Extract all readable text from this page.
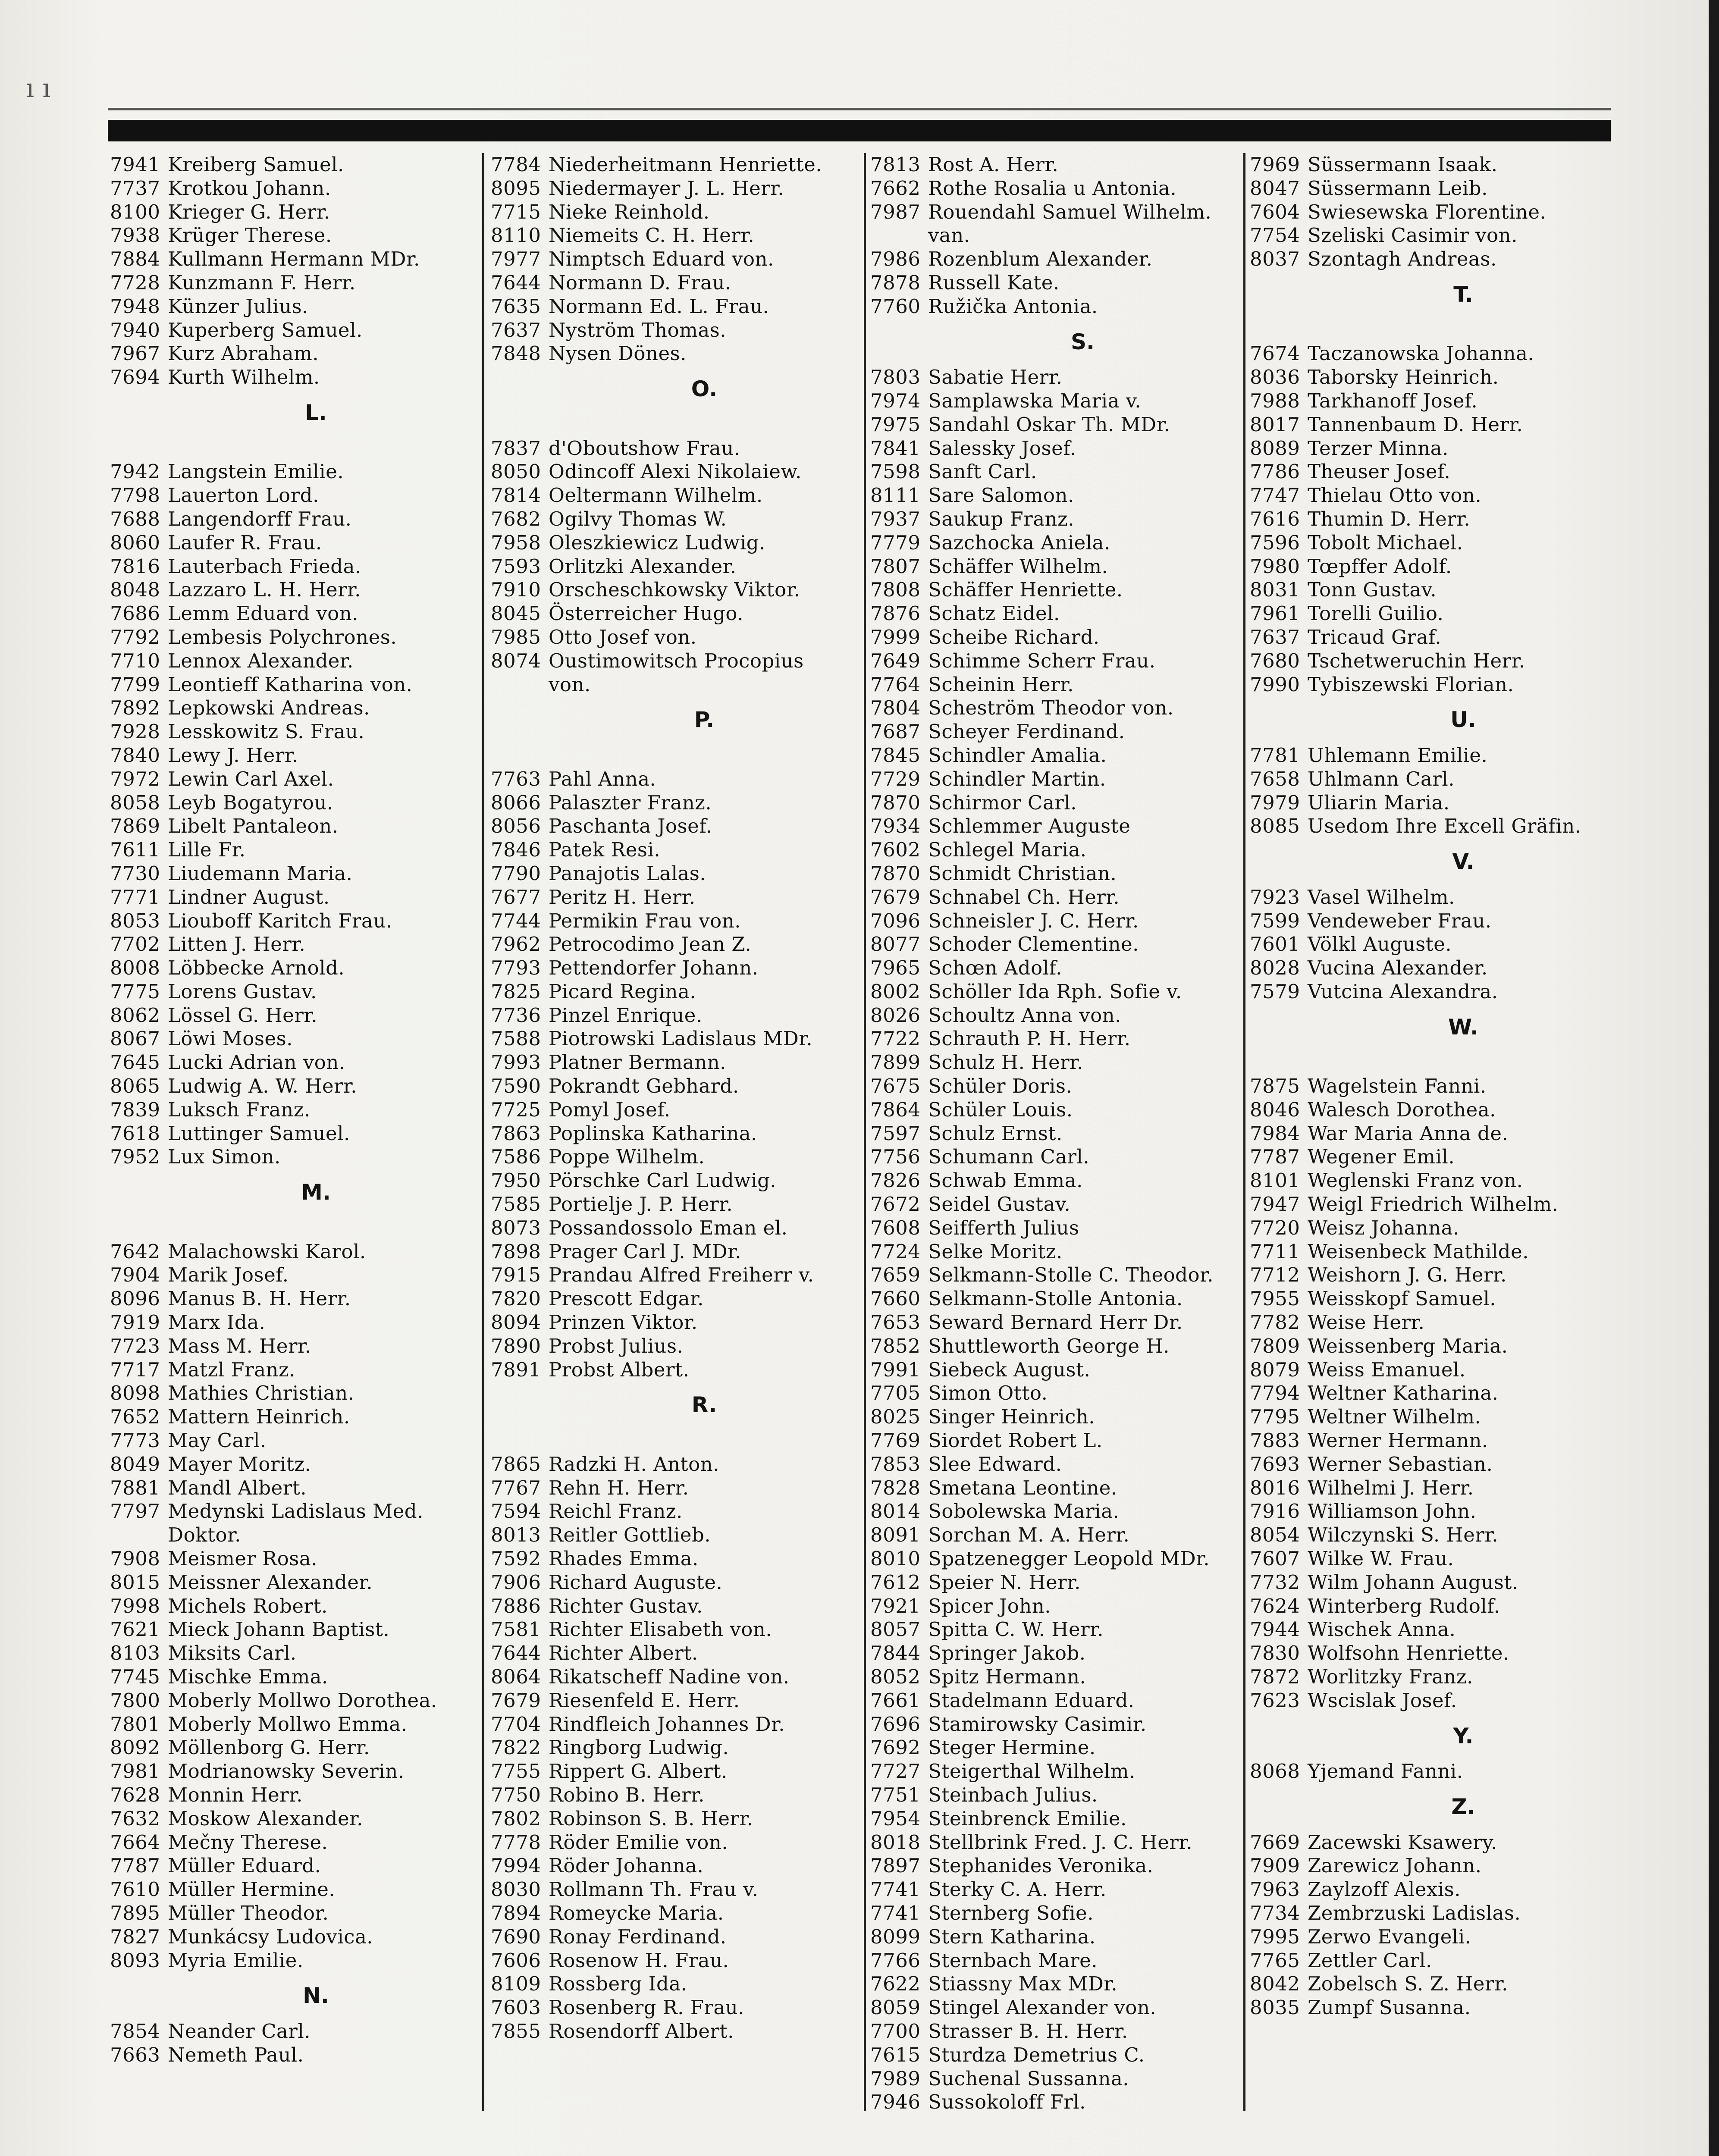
ı ı
7941 Kreiberg Samuel.
7737 Krotkou Johann.
8100 Krieger G. Herr.
7938 Krüger Therese.
7884 Kullmann Hermann MDr.
7728 Kunzmann F. Herr.
7948 Künzer Julius.
7940 Kuperberg Samuel.
7967 Kurz Abraham.
7694 Kurth Wilhelm.
L.
7942 Langstein Emilie.
7798 Lauerton Lord.
7688 Langendorff Frau.
8060 Laufer R. Frau.
7816 Lauterbach Frieda.
8048 Lazzaro L. H. Herr.
7686 Lemm Eduard von.
7792 Lembesis Polychrones.
7710 Lennox Alexander.
7799 Leontieff Katharina von.
7892 Lepkowski Andreas.
7928 Lesskowitz S. Frau.
7840 Lewy J. Herr.
7972 Lewin Carl Axel.
8058 Leyb Bogatyrou.
7869 Libelt Pantaleon.
7611 Lille Fr.
7730 Liudemann Maria.
7771 Lindner August.
8053 Liouboff Karitch Frau.
7702 Litten J. Herr.
8008 Löbbecke Arnold.
7775 Lorens Gustav.
8062 Lössel G. Herr.
8067 Löwi Moses.
7645 Lucki Adrian von.
8065 Ludwig A. W. Herr.
7839 Luksch Franz.
7618 Luttinger Samuel.
7952 Lux Simon.
M.
7642 Malachowski Karol.
7904 Marik Josef.
8096 Manus B. H. Herr.
7919 Marx Ida.
7723 Mass M. Herr.
7717 Matzl Franz.
8098 Mathies Christian.
7652 Mattern Heinrich.
7773 May Carl.
8049 Mayer Moritz.
7881 Mandl Albert.
7797 Medynski Ladislaus Med.
Doktor.
7908 Meismer Rosa.
8015 Meissner Alexander.
7998 Michels Robert.
7621 Mieck Johann Baptist.
8103 Miksits Carl.
7745 Mischke Emma.
7800 Moberly Mollwo Dorothea.
7801 Moberly Mollwo Emma.
8092 Möllenborg G. Herr.
7981 Modrianowsky Severin.
7628 Monnin Herr.
7632 Moskow Alexander.
7664 Mečny Therese.
7787 Müller Eduard.
7610 Müller Hermine.
7895 Müller Theodor.
7827 Munkácsy Ludovica.
8093 Myria Emilie.
N.
7854 Neander Carl.
7663 Nemeth Paul.
7784 Niederheitmann Henriette.
8095 Niedermayer J. L. Herr.
7715 Nieke Reinhold.
8110 Niemeits C. H. Herr.
7977 Nimptsch Eduard von.
7644 Normann D. Frau.
7635 Normann Ed. L. Frau.
7637 Nyström Thomas.
7848 Nysen Dönes.
O.
7837 d'Oboutshow Frau.
8050 Odincoff Alexi Nikolaiew.
7814 Oeltermann Wilhelm.
7682 Ogilvy Thomas W.
7958 Oleszkiewicz Ludwig.
7593 Orlitzki Alexander.
7910 Orscheschkowsky Viktor.
8045 Österreicher Hugo.
7985 Otto Josef von.
8074 Oustimowitsch Procopius
von.
P.
7763 Pahl Anna.
8066 Palaszter Franz.
8056 Paschanta Josef.
7846 Patek Resi.
7790 Panajotis Lalas.
7677 Peritz H. Herr.
7744 Permikin Frau von.
7962 Petrocodimo Jean Z.
7793 Pettendorfer Johann.
7825 Picard Regina.
7736 Pinzel Enrique.
7588 Piotrowski Ladislaus MDr.
7993 Platner Bermann.
7590 Pokrandt Gebhard.
7725 Pomyl Josef.
7863 Poplinska Katharina.
7586 Poppe Wilhelm.
7950 Pörschke Carl Ludwig.
7585 Portielje J. P. Herr.
8073 Possandossolo Eman el.
7898 Prager Carl J. MDr.
7915 Prandau Alfred Freiherr v.
7820 Prescott Edgar.
8094 Prinzen Viktor.
7890 Probst Julius.
7891 Probst Albert.
R.
7865 Radzki H. Anton.
7767 Rehn H. Herr.
7594 Reichl Franz.
8013 Reitler Gottlieb.
7592 Rhades Emma.
7906 Richard Auguste.
7886 Richter Gustav.
7581 Richter Elisabeth von.
7644 Richter Albert.
8064 Rikatscheff Nadine von.
7679 Riesenfeld E. Herr.
7704 Rindfleich Johannes Dr.
7822 Ringborg Ludwig.
7755 Rippert G. Albert.
7750 Robino B. Herr.
7802 Robinson S. B. Herr.
7778 Röder Emilie von.
7994 Röder Johanna.
8030 Rollmann Th. Frau v.
7894 Romeycke Maria.
7690 Ronay Ferdinand.
7606 Rosenow H. Frau.
8109 Rossberg Ida.
7603 Rosenberg R. Frau.
7855 Rosendorff Albert.
7813 Rost A. Herr.
7662 Rothe Rosalia u Antonia.
7987 Rouendahl Samuel Wilhelm.
van.
7986 Rozenblum Alexander.
7878 Russell Kate.
7760 Ružička Antonia.
S.
7803 Sabatie Herr.
7974 Samplawska Maria v.
7975 Sandahl Oskar Th. MDr.
7841 Salessky Josef.
7598 Sanft Carl.
8111 Sare Salomon.
7937 Saukup Franz.
7779 Sazchocka Aniela.
7807 Schäffer Wilhelm.
7808 Schäffer Henriette.
7876 Schatz Eidel.
7999 Scheibe Richard.
7649 Schimme Scherr Frau.
7764 Scheinin Herr.
7804 Scheström Theodor von.
7687 Scheyer Ferdinand.
7845 Schindler Amalia.
7729 Schindler Martin.
7870 Schirmor Carl.
7934 Schlemmer Auguste
7602 Schlegel Maria.
7870 Schmidt Christian.
7679 Schnabel Ch. Herr.
7096 Schneisler J. C. Herr.
8077 Schoder Clementine.
7965 Schœn Adolf.
8002 Schöller Ida Rph. Sofie v.
8026 Schoultz Anna von.
7722 Schrauth P. H. Herr.
7899 Schulz H. Herr.
7675 Schüler Doris.
7864 Schüler Louis.
7597 Schulz Ernst.
7756 Schumann Carl.
7826 Schwab Emma.
7672 Seidel Gustav.
7608 Seifferth Julius
7724 Selke Moritz.
7659 Selkmann-Stolle C. Theodor.
7660 Selkmann-Stolle Antonia.
7653 Seward Bernard Herr Dr.
7852 Shuttleworth George H.
7991 Siebeck August.
7705 Simon Otto.
8025 Singer Heinrich.
7769 Siordet Robert L.
7853 Slee Edward.
7828 Smetana Leontine.
8014 Sobolewska Maria.
8091 Sorchan M. A. Herr.
8010 Spatzenegger Leopold MDr.
7612 Speier N. Herr.
7921 Spicer John.
8057 Spitta C. W. Herr.
7844 Springer Jakob.
8052 Spitz Hermann.
7661 Stadelmann Eduard.
7696 Stamirowsky Casimir.
7692 Steger Hermine.
7727 Steigerthal Wilhelm.
7751 Steinbach Julius.
7954 Steinbrenck Emilie.
8018 Stellbrink Fred. J. C. Herr.
7897 Stephanides Veronika.
7741 Sterky C. A. Herr.
7741 Sternberg Sofie.
8099 Stern Katharina.
7766 Sternbach Mare.
7622 Stiassny Max MDr.
8059 Stingel Alexander von.
7700 Strasser B. H. Herr.
7615 Sturdza Demetrius C.
7989 Suchenal Sussanna.
7946 Sussokoloff Frl.
7969 Süssermann Isaak.
8047 Süssermann Leib.
7604 Swiesewska Florentine.
7754 Szeliski Casimir von.
8037 Szontagh Andreas.
T.
7674 Taczanowska Johanna.
8036 Taborsky Heinrich.
7988 Tarkhanoff Josef.
8017 Tannenbaum D. Herr.
8089 Terzer Minna.
7786 Theuser Josef.
7747 Thielau Otto von.
7616 Thumin D. Herr.
7596 Tobolt Michael.
7980 Tœpffer Adolf.
8031 Tonn Gustav.
7961 Torelli Guilio.
7637 Tricaud Graf.
7680 Tschetweruchin Herr.
7990 Tybiszewski Florian.
U.
7781 Uhlemann Emilie.
7658 Uhlmann Carl.
7979 Uliarin Maria.
8085 Usedom Ihre Excell Gräfin.
V.
7923 Vasel Wilhelm.
7599 Vendeweber Frau.
7601 Völkl Auguste.
8028 Vucina Alexander.
7579 Vutcina Alexandra.
W.
7875 Wagelstein Fanni.
8046 Walesch Dorothea.
7984 War Maria Anna de.
7787 Wegener Emil.
8101 Weglenski Franz von.
7947 Weigl Friedrich Wilhelm.
7720 Weisz Johanna.
7711 Weisenbeck Mathilde.
7712 Weishorn J. G. Herr.
7955 Weisskopf Samuel.
7782 Weise Herr.
7809 Weissenberg Maria.
8079 Weiss Emanuel.
7794 Weltner Katharina.
7795 Weltner Wilhelm.
7883 Werner Hermann.
7693 Werner Sebastian.
8016 Wilhelmi J. Herr.
7916 Williamson John.
8054 Wilczynski S. Herr.
7607 Wilke W. Frau.
7732 Wilm Johann August.
7624 Winterberg Rudolf.
7944 Wischek Anna.
7830 Wolfsohn Henriette.
7872 Worlitzky Franz.
7623 Wscislak Josef.
Y.
8068 Yjemand Fanni.
Z.
7669 Zacewski Ksawery.
7909 Zarewicz Johann.
7963 Zaylzoff Alexis.
7734 Zembrzuski Ladislas.
7995 Zerwo Evangeli.
7765 Zettler Carl.
8042 Zobelsch S. Z. Herr.
8035 Zumpf Susanna.
